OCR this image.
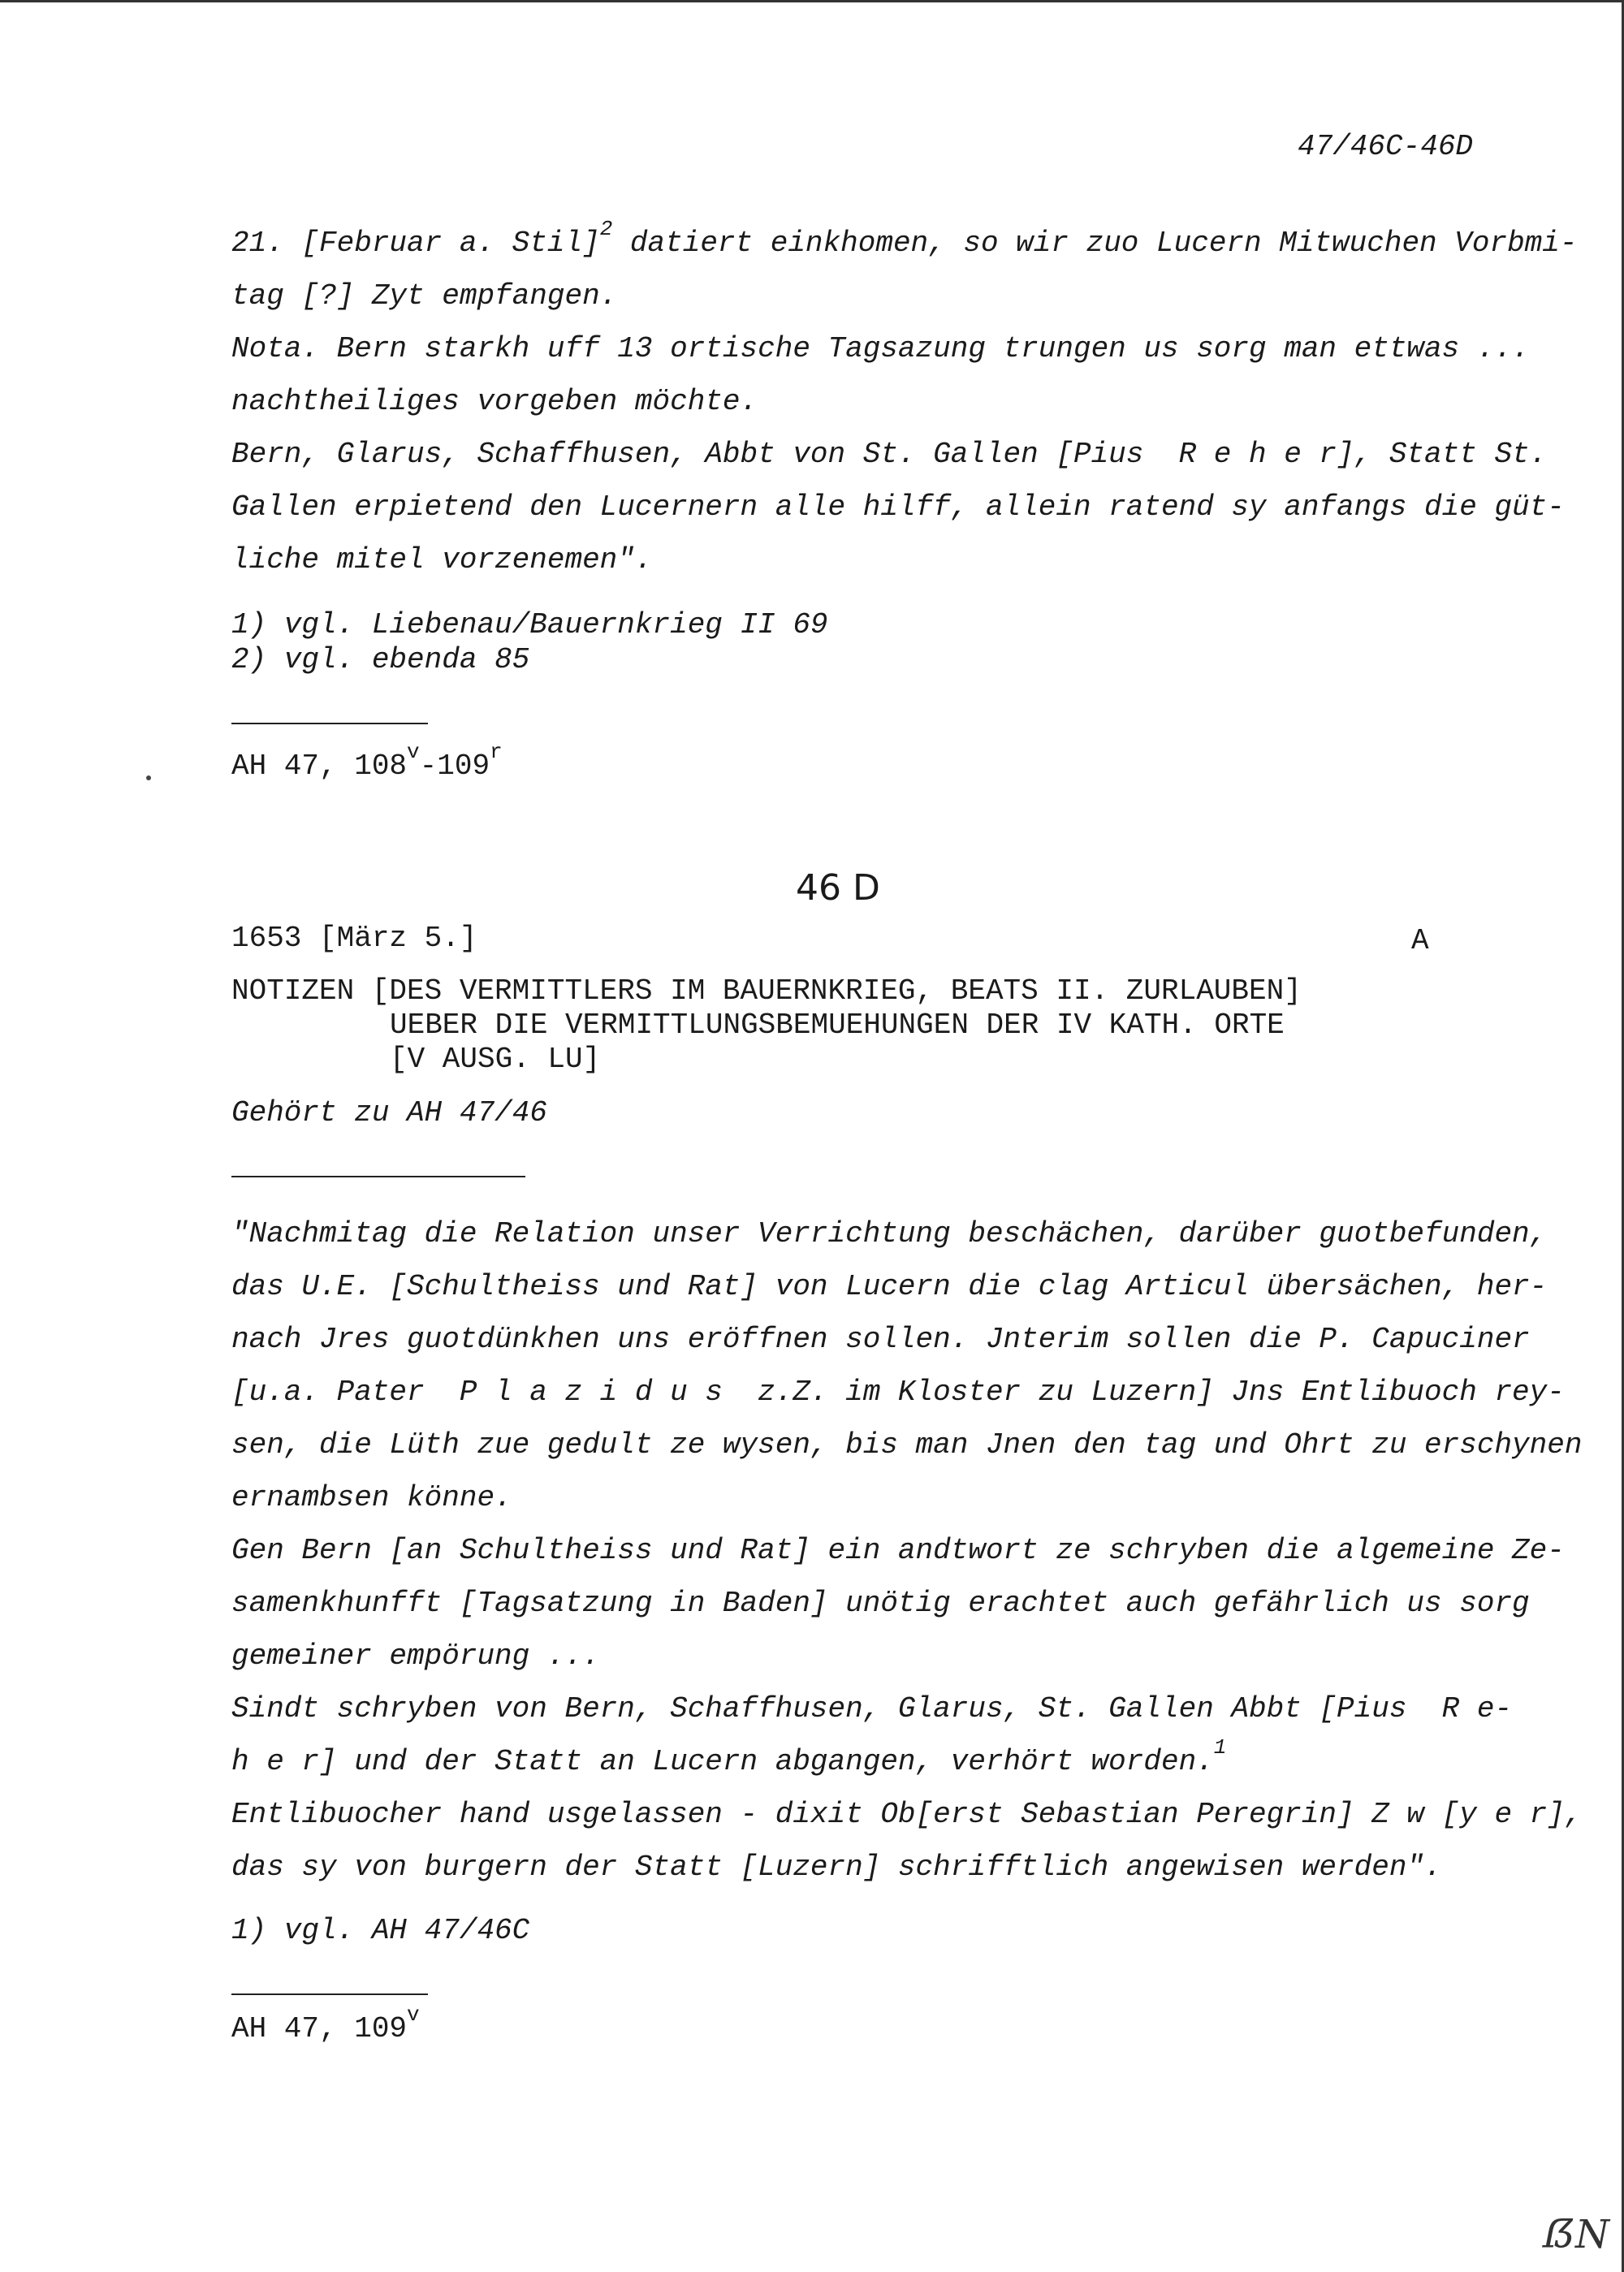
47/46C-46D
21. [Februar a. Stil]$^2$ datiert einkhomen, so wir zuo Lucern Mitwuchen Vorbmi-
tag [?] Zyt empfangen.
Nota. Bern starkh uff 13 ortische Tagsazung trungen us sorg man ettwas ...
nachtheiliges vorgeben möchte.
Bern, Glarus, Schaffhusen, Abbt von St. Gallen [Pius  R e h e r], Statt St.
Gallen erpietend den Lucernern alle hilff, allein ratend sy anfangs die güt-
liche mitel vorzenemen".
1) vgl. Liebenau/Bauernkrieg II 69
2) vgl. ebenda 85
AH 47, 108$^v$-109$^r$
46 D
1653 [März 5.]	A
NOTIZEN [DES VERMITTLERS IM BAUERNKRIEG, BEATS II. ZURLAUBEN]
UEBER DIE VERMITTLUNGSBEMUEHUNGEN DER IV KATH. ORTE
[V AUSG. LU]
Gehört zu AH 47/46
"Nachmitag die Relation unser Verrichtung beschächen, darüber guotbefunden,
das U.E. [Schultheiss und Rat] von Lucern die clag Articul übersächen, her-
nach Jres guotdünkhen uns eröffnen sollen. Jnterim sollen die P. Capuciner
[u.a. Pater  P l a z i d u s  z.Z. im Kloster zu Luzern] Jns Entlibuoch rey-
sen, die Lüth zue gedult ze wysen, bis man Jnen den tag und Ohrt zu erschynen
ernambsen könne.
Gen Bern [an Schultheiss und Rat] ein andtwort ze schryben die algemeine Ze-
samenkhunfft [Tagsatzung in Baden] unötig erachtet auch gefährlich us sorg
gemeiner empörung ...
Sindt schryben von Bern, Schaffhusen, Glarus, St. Gallen Abbt [Pius  R e-
h e r] und der Statt an Lucern abgangen, verhört worden.$^1$
Entlibuocher hand usgelassen - dixit Ob[erst Sebastian Peregrin] Z w [y e r],
das sy von burgern der Statt [Luzern] schrifftlich angewisen werden".
1) vgl. AH 47/46C
AH 47, 109$^v$
ẞN
